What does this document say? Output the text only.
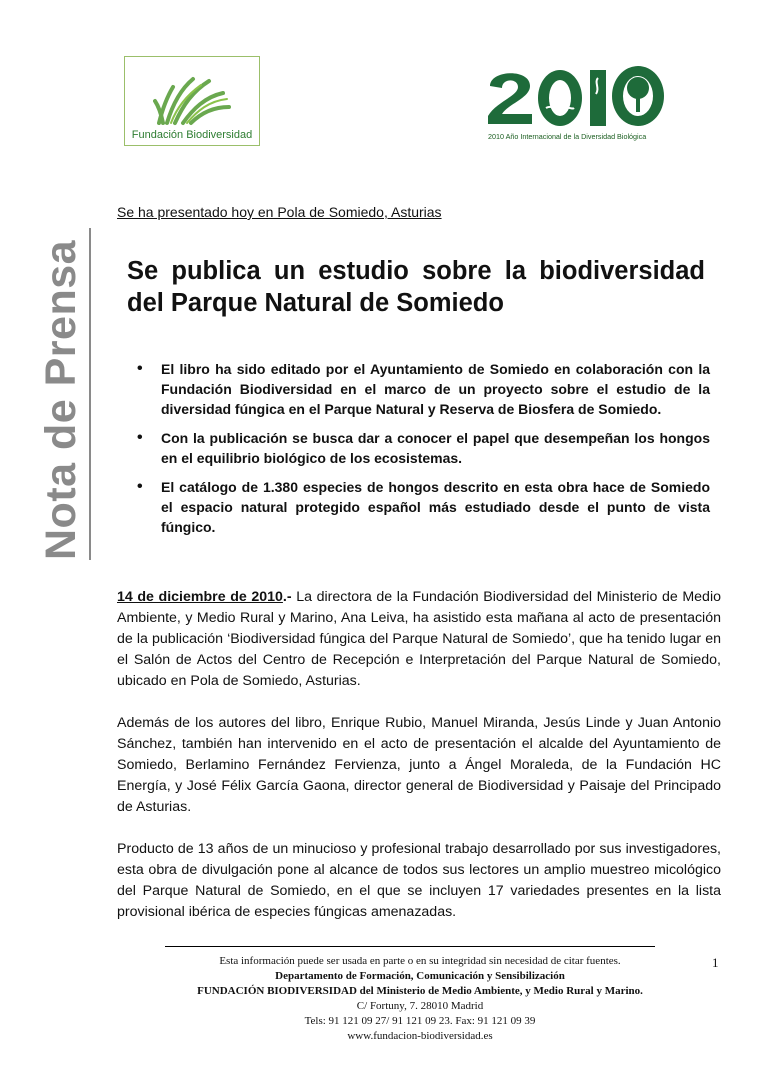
Fundación Biodiversidad	2010 Año Internacional de la Diversidad Biológica
Nota de Prensa
Se ha presentado hoy en Pola de Somiedo, Asturias
Se publica un estudio sobre la biodiversidad del Parque Natural de Somiedo
• El libro ha sido editado por el Ayuntamiento de Somiedo en colaboración con la Fundación Biodiversidad en el marco de un proyecto sobre el estudio de la diversidad fúngica en el Parque Natural y Reserva de Biosfera de Somiedo.
• Con la publicación se busca dar a conocer el papel que desempeñan los hongos en el equilibrio biológico de los ecosistemas.
• El catálogo de 1.380 especies de hongos descrito en esta obra hace de Somiedo el espacio natural protegido español más estudiado desde el punto de vista fúngico.

14 de diciembre de 2010.- La directora de la Fundación Biodiversidad del Ministerio de Medio Ambiente, y Medio Rural y Marino, Ana Leiva, ha asistido esta mañana al acto de presentación de la publicación ‘Biodiversidad fúngica del Parque Natural de Somiedo’, que ha tenido lugar en el Salón de Actos del Centro de Recepción e Interpretación del Parque Natural de Somiedo, ubicado en Pola de Somiedo, Asturias.

Además de los autores del libro, Enrique Rubio, Manuel Miranda, Jesús Linde y Juan Antonio Sánchez, también han intervenido en el acto de presentación el alcalde del Ayuntamiento de Somiedo, Berlamino Fernández Fervienza, junto a Ángel Moraleda, de la Fundación HC Energía, y José Félix García Gaona, director general de Biodiversidad y Paisaje del Principado de Asturias.

Producto de 13 años de un minucioso y profesional trabajo desarrollado por sus investigadores, esta obra de divulgación pone al alcance de todos sus lectores un amplio muestreo micológico del Parque Natural de Somiedo, en el que se incluyen 17 variedades presentes en la lista provisional ibérica de especies fúngicas amenazadas.

Esta información puede ser usada en parte o en su integridad sin necesidad de citar fuentes.
Departamento de Formación, Comunicación y Sensibilización
FUNDACIÓN BIODIVERSIDAD del Ministerio de Medio Ambiente, y Medio Rural y Marino.
C/ Fortuny, 7. 28010 Madrid
Tels: 91 121 09 27/ 91 121 09 23. Fax: 91 121 09 39
www.fundacion-biodiversidad.es
1
